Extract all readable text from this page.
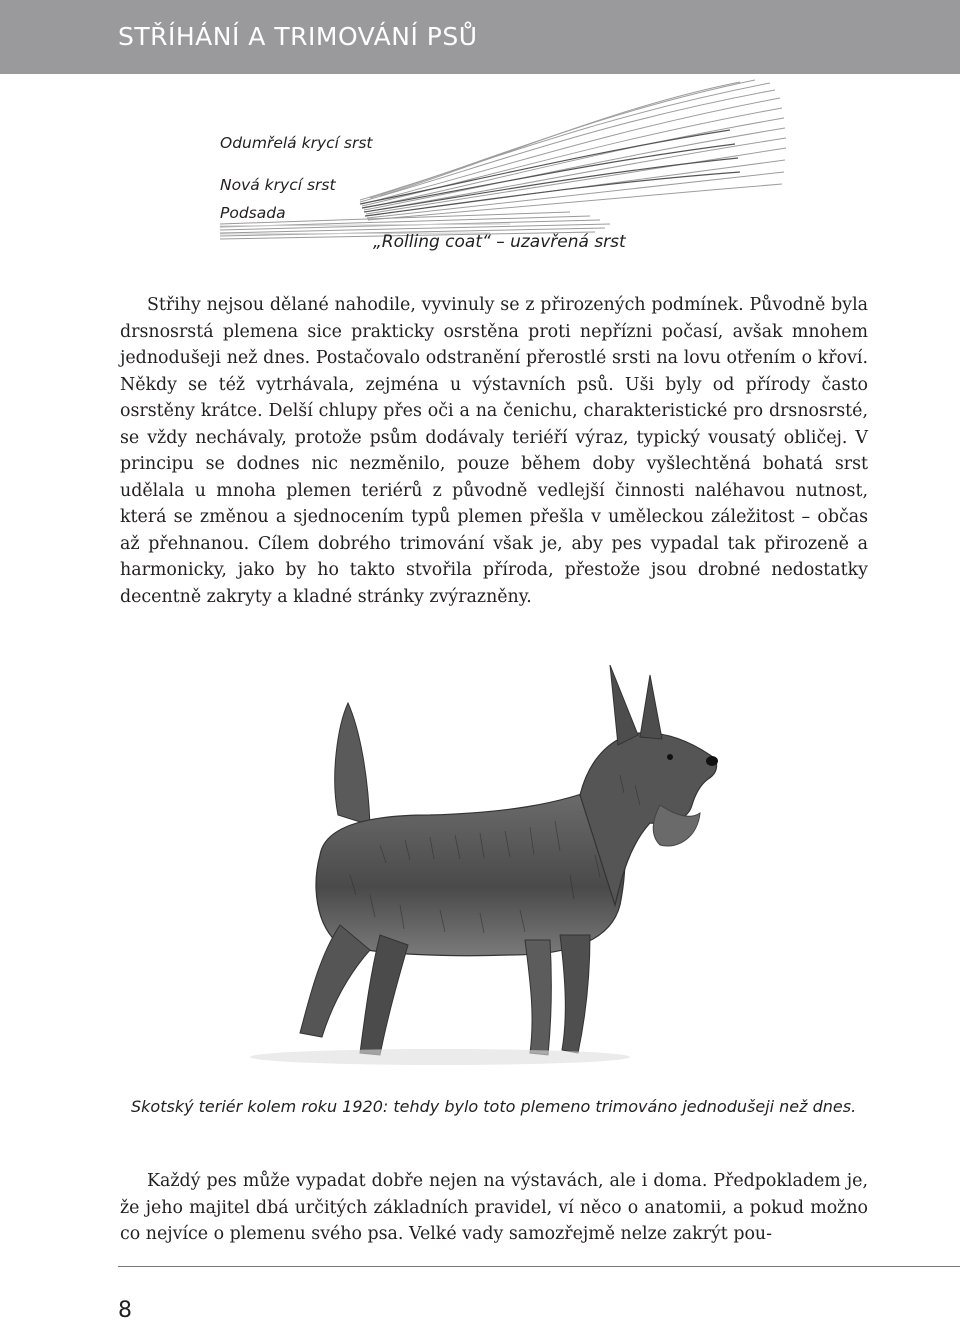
STŘÍHÁNÍ A TRIMOVÁNÍ PSŮ
Odumřelá krycí srst
Nová krycí srst
Podsada
„Rolling coat“ – uzavřená srst

Střihy nejsou dělané nahodile, vyvinuly se z přirozených podmínek. Původně byla drsnosrstá plemena sice prakticky osrstěna proti nepřízni počasí, avšak mnohem jednodušeji než dnes. Postačovalo odstranění přerostlé srsti na lovu otřením o křoví. Někdy se též vytrhávala, zejména u výstavních psů. Uši byly od přírody často osrstěny krátce. Delší chlupy přes oči a na čenichu, charakteristické pro drsnosrsté, se vždy nechávaly, protože psům dodávaly teriéří výraz, typický vousatý obličej. V principu se dodnes nic nezměnilo, pouze během doby vyšlechtěná bohatá srst udělala u mnoha plemen teriérů z původně vedlejší činnosti naléhavou nutnost, která se změnou a sjednocením typů plemen přešla v uměleckou záležitost – občas až přehnanou. Cílem dobrého trimování však je, aby pes vypadal tak přirozeně a harmonicky, jako by ho takto stvořila příroda, přestože jsou drobné nedostatky decentně zakryty a kladné stránky zvýrazněny.

Skotský teriér kolem roku 1920: tehdy bylo toto plemeno trimováno jednodušeji než dnes.

Každý pes může vypadat dobře nejen na výstavách, ale i doma. Předpokladem je, že jeho majitel dbá určitých základních pravidel, ví něco o anatomii, a pokud možno co nejvíce o plemenu svého psa. Velké vady samozřejmě nelze zakrýt pou-

8
